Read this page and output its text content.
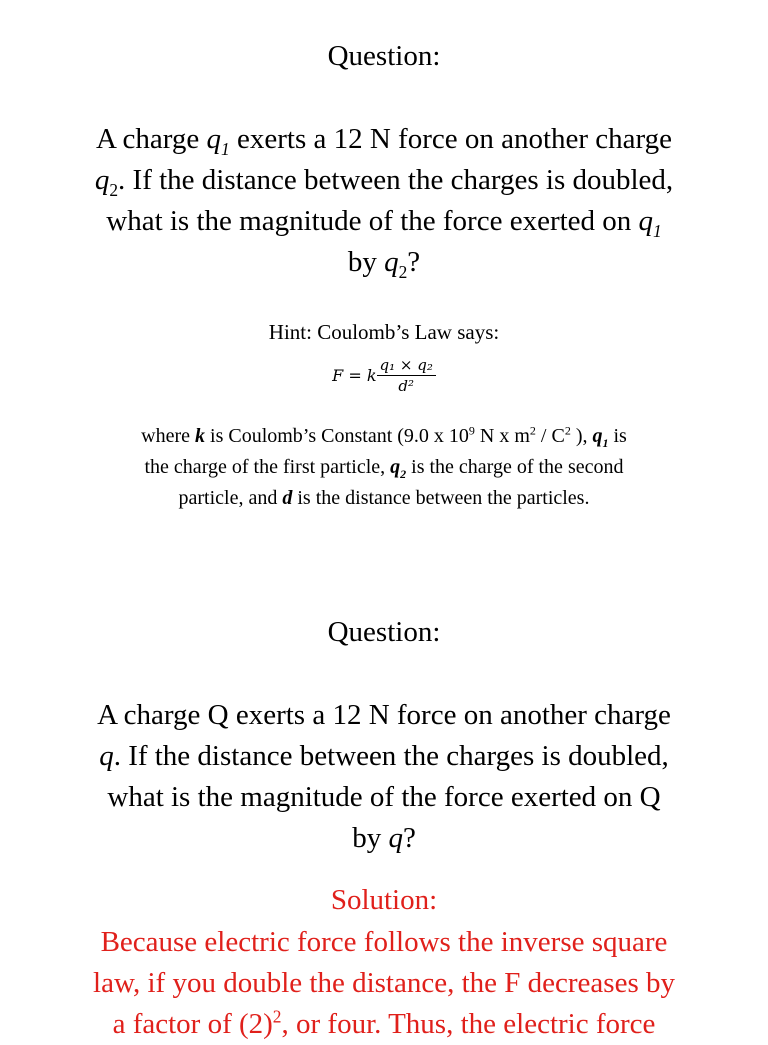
Question:
A charge $q_1$ exerts a 12 N force on another charge
$q_2$. If the distance between the charges is doubled,
what is the magnitude of the force exerted on $q_1$
by $q_2$?
Hint: Coulomb’s Law says:
F = k $\frac{\text{q₁ × q₂}}{\text{d²}}$
where k is Coulomb’s Constant (9.0 x $10^9$ N x $m^2 / C^2$ ), $q_1$ is
the charge of the first particle, $q_2$ is the charge of the second
particle, and d is the distance between the particles.
Question:
A charge Q exerts a 12 N force on another charge
q. If the distance between the charges is doubled,
what is the magnitude of the force exerted on Q
by q?
Solution:
Because electric force follows the inverse square
law, if you double the distance, the F decreases by
a factor of $(2)^2$, or four. Thus, the electric force
